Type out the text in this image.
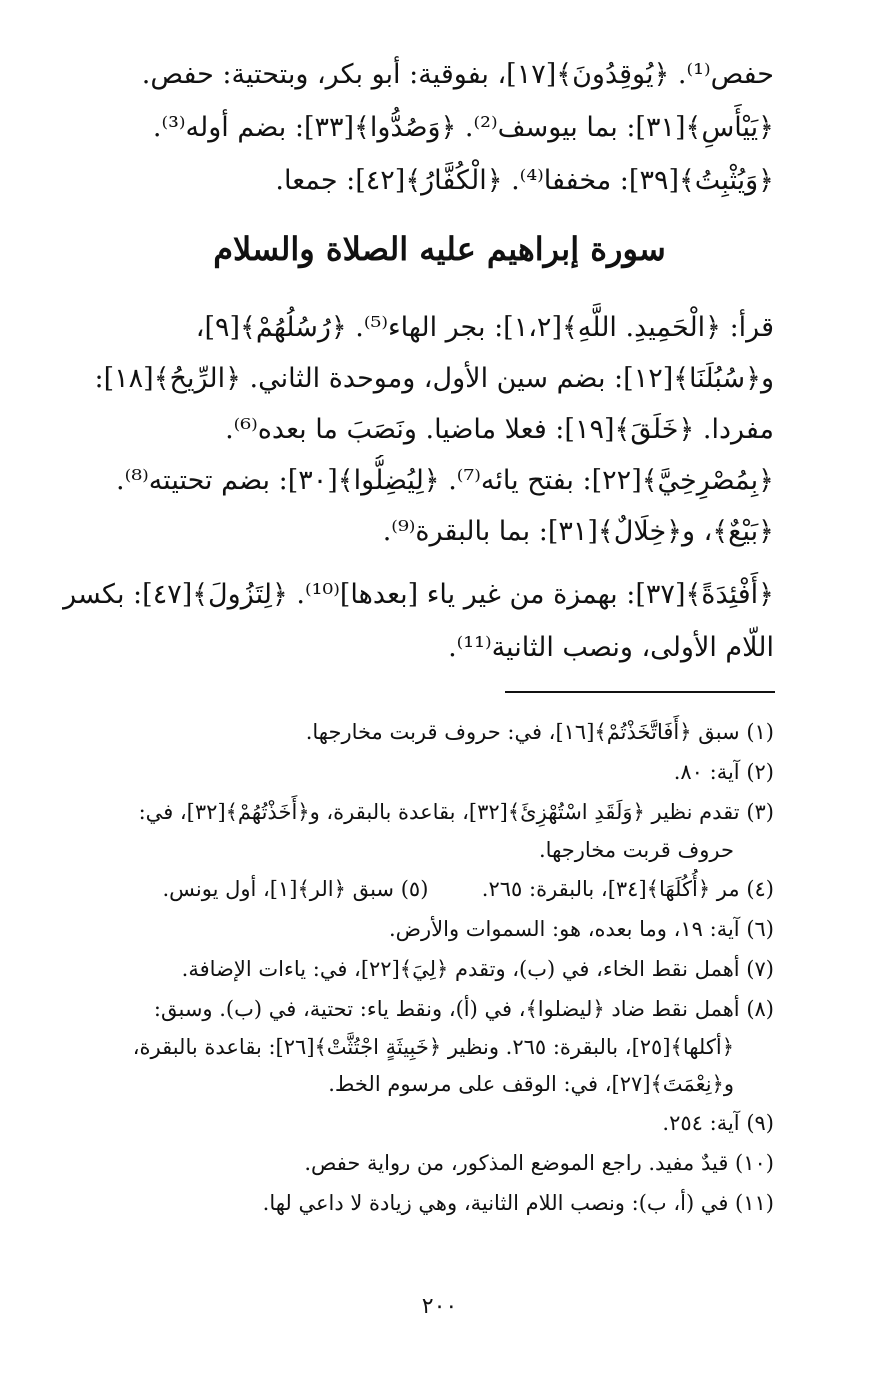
حفص⁽¹⁾. ﴿يُوقِدُونَ﴾[١٧]، بفوقية: أبو بكر، وبتحتية: حفص.
﴿يَيْأَسِ﴾[٣١]: بما بيوسف⁽²⁾. ﴿وَصُدُّوا﴾[٣٣]: بضم أوله⁽³⁾.
﴿وَيُثْبِتُ﴾[٣٩]: مخففا⁽⁴⁾. ﴿الْكُفَّارُ﴾[٤٢]: جمعا.
سورة إبراهيم عليه الصلاة والسلام
قرأ: ﴿الْحَمِيدِ. اللَّهِ﴾[١،٢]: بجر الهاء⁽⁵⁾. ﴿رُسُلُهُمْ﴾[٩]،
و﴿سُبُلَنَا﴾[١٢]: بضم سين الأول، وموحدة الثاني. ﴿الرِّيحُ﴾[١٨]:
مفردا. ﴿خَلَقَ﴾[١٩]: فعلا ماضيا. ونَصَبَ ما بعده⁽⁶⁾.
﴿بِمُصْرِخِيَّ﴾[٢٢]: بفتح يائه⁽⁷⁾. ﴿لِيُضِلُّوا﴾[٣٠]: بضم تحتيته⁽⁸⁾.
﴿بَيْعٌ﴾، و﴿خِلَالٌ﴾[٣١]: بما بالبقرة⁽⁹⁾.
﴿أَفْئِدَةً﴾[٣٧]: بهمزة من غير ياء [بعدها]⁽¹⁰⁾. ﴿لِتَزُولَ﴾[٤٧]: بكسر
اللّام الأولى، ونصب الثانية⁽¹¹⁾.
(١) سبق ﴿أَفَاتَّخَذْتُمْ﴾[١٦]، في: حروف قربت مخارجها.
(٢) آية: ٨٠.
(٣) تقدم نظير ﴿وَلَقَدِ اسْتُهْزِئَ﴾[٣٢]، بقاعدة بالبقرة، و﴿أَخَذْتُهُمْ﴾[٣٢]، في:
حروف قربت مخارجها.
(٤) مر ﴿أُكُلَهَا﴾[٣٤]، بالبقرة: ٢٦٥.        (٥) سبق ﴿الر﴾[١]، أول يونس.
(٦) آية: ١٩، وما بعده، هو: السموات والأرض.
(٧) أهمل نقط الخاء، في (ب)، وتقدم ﴿لِيَ﴾[٢٢]، في: ياءات الإضافة.
(٨) أهمل نقط ضاد ﴿ليضلوا﴾، في (أ)، ونقط ياء: تحتية، في (ب). وسبق:
﴿أكلها﴾[٢٥]، بالبقرة: ٢٦٥. ونظير ﴿خَبِيثَةٍ اجْتُثَّتْ﴾[٢٦]: بقاعدة بالبقرة،
و﴿نِعْمَتَ﴾[٢٧]، في: الوقف على مرسوم الخط.
(٩) آية: ٢٥٤.
(١٠) قيدٌ مفيد. راجع الموضع المذكور، من رواية حفص.
(١١) في (أ، ب): ونصب اللام الثانية، وهي زيادة لا داعي لها.
٢٠٠
